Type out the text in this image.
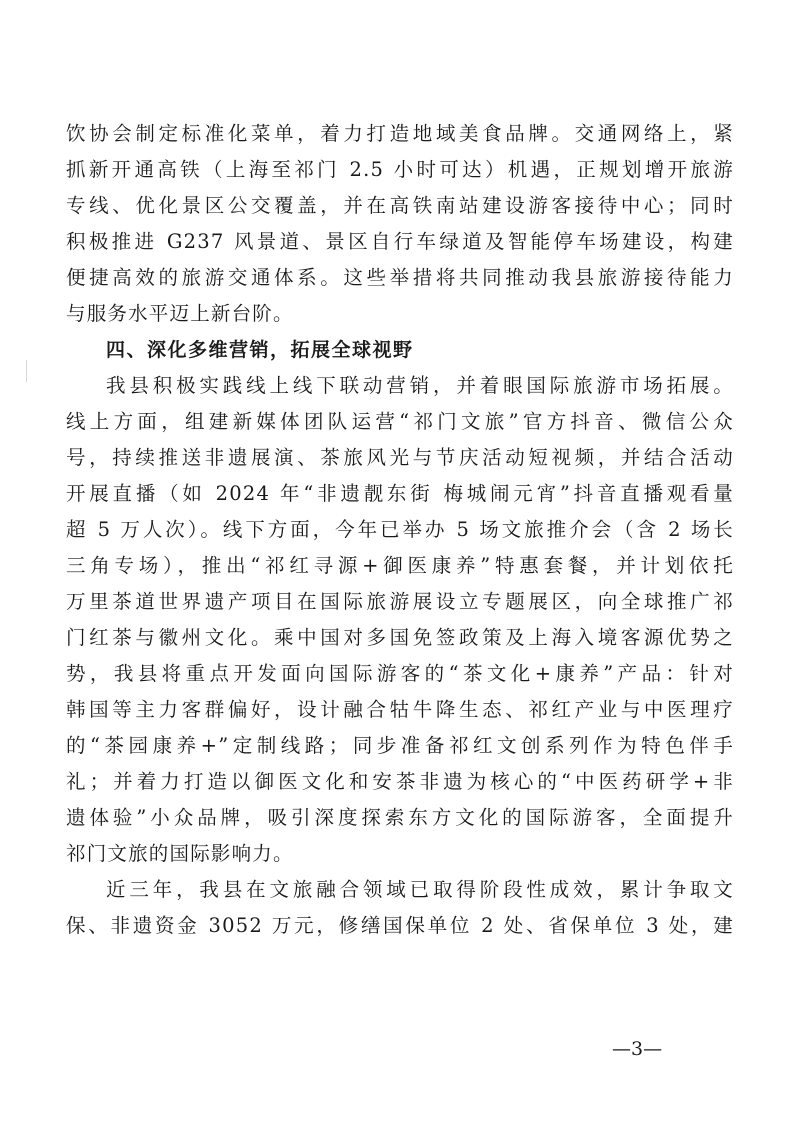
饮协会制定标准化菜单，着力打造地域美食品牌。交通网络上，紧
抓新开通高铁（上海至祁门 2.5 小时可达）机遇，正规划增开旅游
专线、优化景区公交覆盖，并在高铁南站建设游客接待中心；同时
积极推进 G237 风景道、景区自行车绿道及智能停车场建设，构建
便捷高效的旅游交通体系。这些举措将共同推动我县旅游接待能力
与服务水平迈上新台阶。
四、深化多维营销，拓展全球视野
我县积极实践线上线下联动营销，并着眼国际旅游市场拓展。
线上方面，组建新媒体团队运营“祁门文旅”官方抖音、微信公众
号，持续推送非遗展演、茶旅风光与节庆活动短视频，并结合活动
开展直播（如 2024 年“非遗靓东街 梅城闹元宵”抖音直播观看量
超 5 万人次）。线下方面，今年已举办 5 场文旅推介会（含 2 场长
三角专场），推出“祁红寻源+御医康养”特惠套餐，并计划依托
万里茶道世界遗产项目在国际旅游展设立专题展区，向全球推广祁
门红茶与徽州文化。乘中国对多国免签政策及上海入境客源优势之
势，我县将重点开发面向国际游客的“茶文化+康养”产品：针对
韩国等主力客群偏好，设计融合牯牛降生态、祁红产业与中医理疗
的“茶园康养+”定制线路；同步准备祁红文创系列作为特色伴手
礼；并着力打造以御医文化和安茶非遗为核心的“中医药研学+非
遗体验”小众品牌，吸引深度探索东方文化的国际游客，全面提升
祁门文旅的国际影响力。
近三年，我县在文旅融合领域已取得阶段性成效，累计争取文
保、非遗资金 3052 万元，修缮国保单位 2 处、省保单位 3 处，建
—3—
